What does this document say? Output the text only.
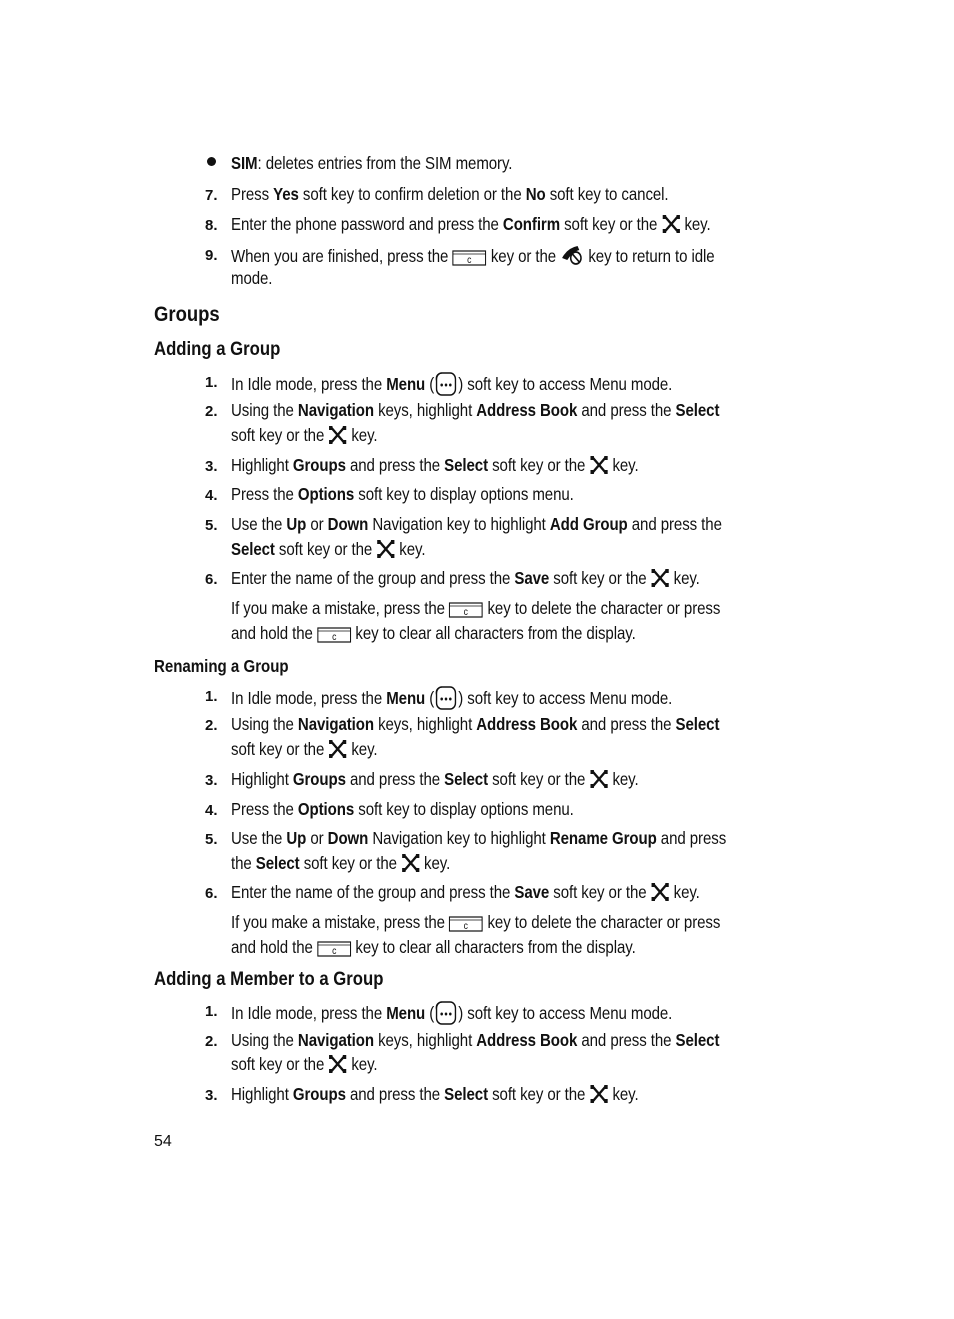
SIM: deletes entries from the SIM memory.
7. Press Yes soft key to confirm deletion or the No soft key to cancel.
8. Enter the phone password and press the Confirm soft key or the  key.
9. When you are finished, press the c key or the  key to return to idle
mode.
Groups
Adding a Group
1. In Idle mode, press the Menu ( ) soft key to access Menu mode.
2. Using the Navigation keys, highlight Address Book and press the Select
soft key or the  key.
3. Highlight Groups and press the Select soft key or the  key.
4. Press the Options soft key to display options menu.
5. Use the Up or Down Navigation key to highlight Add Group and press the
Select soft key or the  key.
6. Enter the name of the group and press the Save soft key or the  key.
If you make a mistake, press the c key to delete the character or press
and hold the c key to clear all characters from the display.
Renaming a Group
1. In Idle mode, press the Menu ( ) soft key to access Menu mode.
2. Using the Navigation keys, highlight Address Book and press the Select
soft key or the  key.
3. Highlight Groups and press the Select soft key or the  key.
4. Press the Options soft key to display options menu.
5. Use the Up or Down Navigation key to highlight Rename Group and press
the Select soft key or the  key.
6. Enter the name of the group and press the Save soft key or the  key.
If you make a mistake, press the c key to delete the character or press
and hold the c key to clear all characters from the display.
Adding a Member to a Group
1. In Idle mode, press the Menu ( ) soft key to access Menu mode.
2. Using the Navigation keys, highlight Address Book and press the Select
soft key or the  key.
3. Highlight Groups and press the Select soft key or the  key.
54
